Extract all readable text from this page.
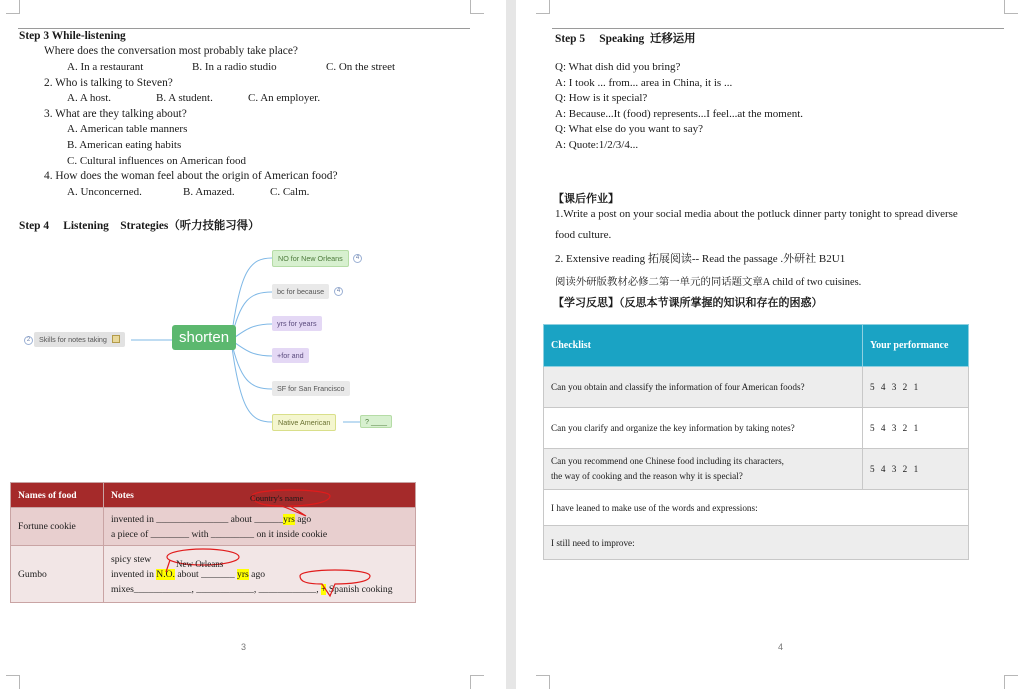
Step 3 While-listening
Where does the conversation most probably take place?
A. In a restaurant	B. In a radio studio	C. On the street
2. Who is talking to Steven?
A. A host.	B. A student.	C. An employer.
3. What are they talking about?
A. American table manners
B. American eating habits
C. Cultural influences on American food
4. How does the woman feel about the origin of American food?
A. Unconcerned.	B. Amazed.	C. Calm.
Step 4     Listening    Strategies（听力技能习得）
2	Skills for notes taking	shorten
NO for New Orleans	4
bc for because	4
yrs for years
+for and
SF for San Francisco
Native American	? ____
Names of food	Notes
Fortune cookie	invented in _______________ about ______yrs ago
a piece of ________ with _________ on it inside cookie

Gumbo	spicy stew
invented in N.O. about _______ yrs ago
mixes____________, ____________, ____________, + Spanish cooking
Country's name
New Orleans
3	4
Step 5     Speaking  迁移运用
Q: What dish did you bring?
A: I took ... from... area in China, it is ...
Q: How is it special?
A: Because...It (food) represents...I feel...at the moment.
Q: What else do you want to say?
A: Quote:1/2/3/4...
【课后作业】
1.Write a post on your social media about the potluck dinner party tonight to spread diverse
food culture.
2. Extensive reading 拓展阅读-- Read the passage .外研社 B2U1
阅读外研版教材必修二第一单元的同话题文章A child of two cuisines.
【学习反思】（反思本节课所掌握的知识和存在的困惑）
Checklist	Your performance
Can you obtain and classify the information of four American foods?	5 4 3 2 1
Can you clarify and organize the key information by taking notes?	5 4 3 2 1

Can you recommend one Chinese food including its characters,
the way of cooking and the reason why it is special?	5 4 3 2 1
I have leaned to make use of the words and expressions:	
I still need to improve:	
